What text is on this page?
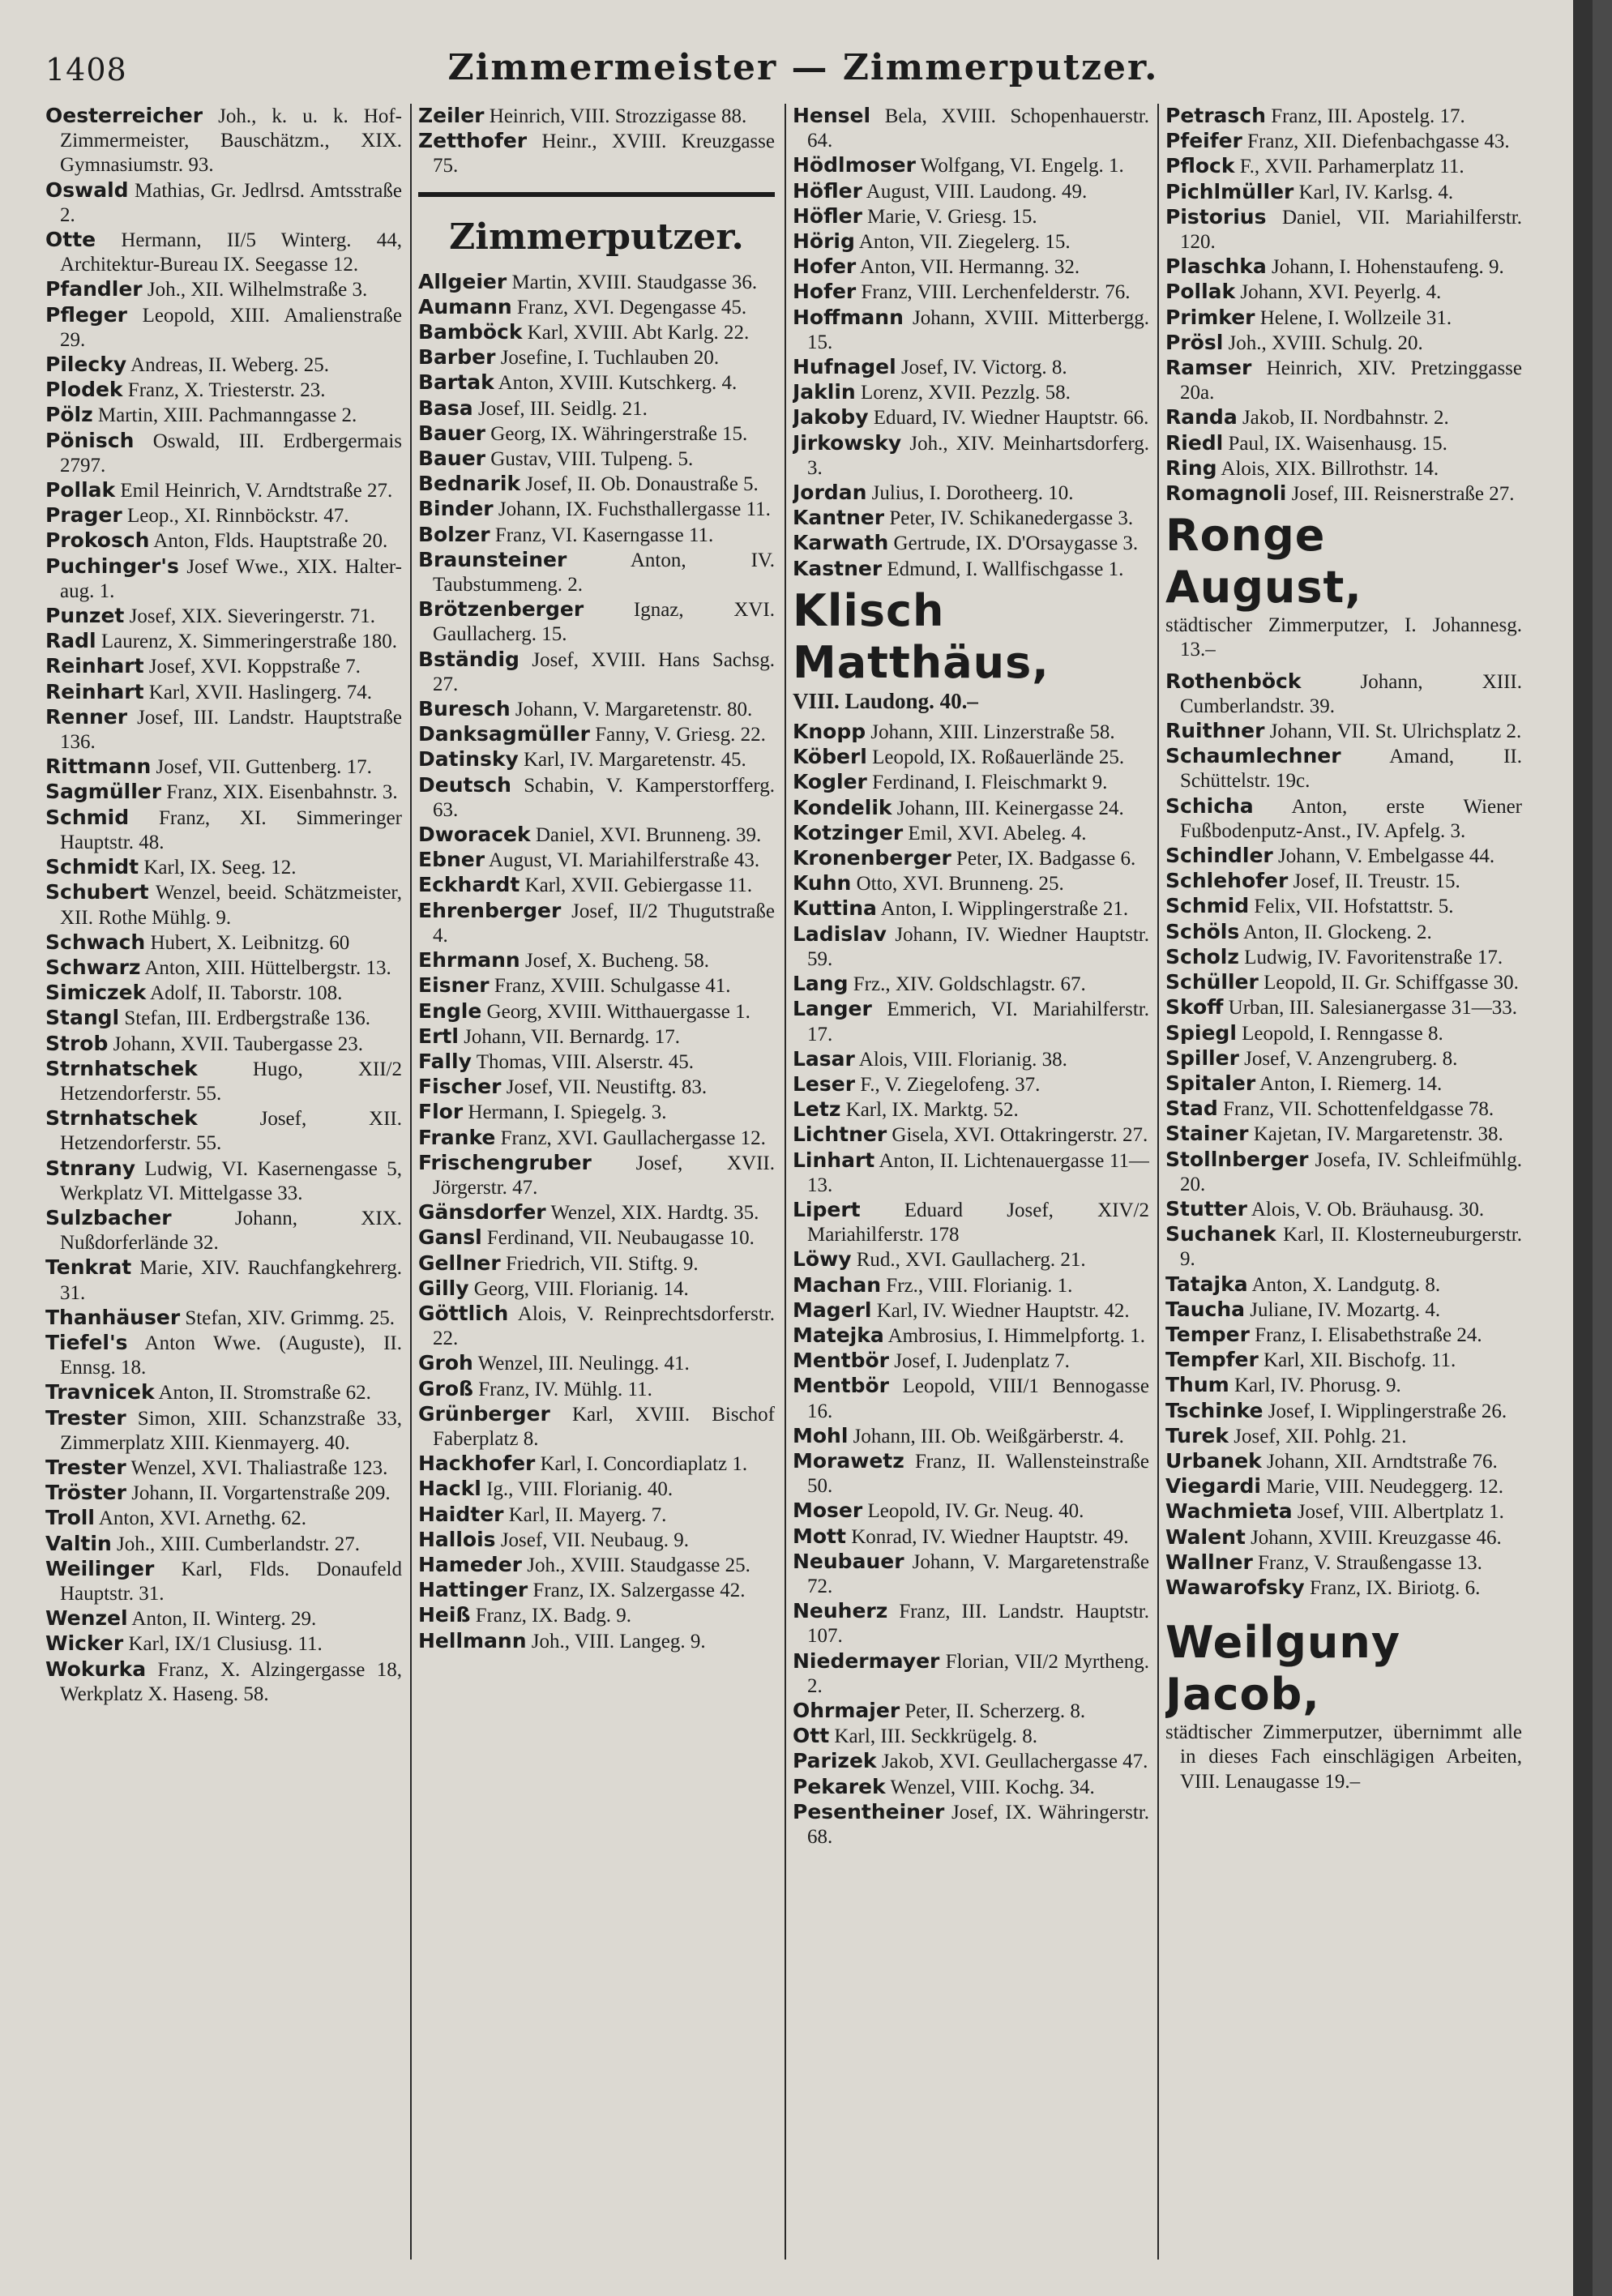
1408	Zimmermeister — Zimmerputzer.

Oesterreicher Joh., k. u. k. Hof-Zimmermeister, Bauschätzm., XIX. Gymnasiumstr. 93.

Oswald Mathias, Gr. Jedlrsd. Amtsstraße 2.

Otte Hermann, II/5 Winterg. 44, Architektur-Bureau IX. Seegasse 12.

Pfandler Joh., XII. Wilhelmstraße 3.

Pfleger Leopold, XIII. Amalienstraße 29.

Pilecky Andreas, II. Weberg. 25.

Plodek Franz, X. Triesterstr. 23.

Pölz Martin, XIII. Pachmanngasse 2.

Pönisch Oswald, III. Erdbergermais 2797.

Pollak Emil Heinrich, V. Arndtstraße 27.

Prager Leop., XI. Rinnböckstr. 47.

Prokosch Anton, Flds. Hauptstraße 20.

Puchinger's Josef Wwe., XIX. Halter-aug. 1.

Punzet Josef, XIX. Sieveringerstr. 71.

Radl Laurenz, X. Simmeringerstraße 180.

Reinhart Josef, XVI. Koppstraße 7.

Reinhart Karl, XVII. Haslingerg. 74.

Renner Josef, III. Landstr. Hauptstraße 136.

Rittmann Josef, VII. Guttenberg. 17.

Sagmüller Franz, XIX. Eisenbahnstr. 3.

Schmid Franz, XI. Simmeringer Hauptstr. 48.

Schmidt Karl, IX. Seeg. 12.

Schubert Wenzel, beeid. Schätzmeister, XII. Rothe Mühlg. 9.

Schwach Hubert, X. Leibnitzg. 60

Schwarz Anton, XIII. Hüttelbergstr. 13.

Simiczek Adolf, II. Taborstr. 108.

Stangl Stefan, III. Erdbergstraße 136.

Strob Johann, XVII. Taubergasse 23.

Strnhatschek Hugo, XII/2 Hetzendorferstr. 55.

Strnhatschek Josef, XII. Hetzendorferstr. 55.

Stnrany Ludwig, VI. Kasernengasse 5, Werkplatz VI. Mittelgasse 33.

Sulzbacher Johann, XIX. Nußdorferlände 32.

Tenkrat Marie, XIV. Rauchfangkehrerg. 31.

Thanhäuser Stefan, XIV. Grimmg. 25.

Tiefel's Anton Wwe. (Auguste), II. Ennsg. 18.

Travnicek Anton, II. Stromstraße 62.

Trester Simon, XIII. Schanzstraße 33, Zimmerplatz XIII. Kienmayerg. 40.

Trester Wenzel, XVI. Thaliastraße 123.

Tröster Johann, II. Vorgartenstraße 209.

Troll Anton, XVI. Arnethg. 62.

Valtin Joh., XIII. Cumberlandstr. 27.

Weilinger Karl, Flds. Donaufeld Hauptstr. 31.

Wenzel Anton, II. Winterg. 29.

Wicker Karl, IX/1 Clusiusg. 11.

Wokurka Franz, X. Alzingergasse 18, Werkplatz X. Haseng. 58.

Zeiler Heinrich, VIII. Strozzigasse 88.

Zetthofer Heinr., XVIII. Kreuzgasse 75.

Zimmerputzer.

Allgeier Martin, XVIII. Staudgasse 36.

Aumann Franz, XVI. Degengasse 45.

Bamböck Karl, XVIII. Abt Karlg. 22.

Barber Josefine, I. Tuchlauben 20.

Bartak Anton, XVIII. Kutschkerg. 4.

Basa Josef, III. Seidlg. 21.

Bauer Georg, IX. Währingerstraße 15.

Bauer Gustav, VIII. Tulpeng. 5.

Bednarik Josef, II. Ob. Donaustraße 5.

Binder Johann, IX. Fuchsthallergasse 11.

Bolzer Franz, VI. Kaserngasse 11.

Braunsteiner Anton, IV. Taubstummeng. 2.

Brötzenberger Ignaz, XVI. Gaullacherg. 15.

Bständig Josef, XVIII. Hans Sachsg. 27.

Buresch Johann, V. Margaretenstr. 80.

Danksagmüller Fanny, V. Griesg. 22.

Datinsky Karl, IV. Margaretenstr. 45.

Deutsch Schabin, V. Kamperstorfferg. 63.

Dworacek Daniel, XVI. Brunneng. 39.

Ebner August, VI. Mariahilferstraße 43.

Eckhardt Karl, XVII. Gebiergasse 11.

Ehrenberger Josef, II/2 Thugutstraße 4.

Ehrmann Josef, X. Bucheng. 58.

Eisner Franz, XVIII. Schulgasse 41.

Engle Georg, XVIII. Witthauergasse 1.

Ertl Johann, VII. Bernardg. 17.

Fally Thomas, VIII. Alserstr. 45.

Fischer Josef, VII. Neustiftg. 83.

Flor Hermann, I. Spiegelg. 3.

Franke Franz, XVI. Gaullachergasse 12.

Frischengruber Josef, XVII. Jörgerstr. 47.

Gänsdorfer Wenzel, XIX. Hardtg. 35.

Gansl Ferdinand, VII. Neubaugasse 10.

Gellner Friedrich, VII. Stiftg. 9.

Gilly Georg, VIII. Florianig. 14.

Göttlich Alois, V. Reinprechtsdorferstr. 22.

Groh Wenzel, III. Neulingg. 41.

Groß Franz, IV. Mühlg. 11.

Grünberger Karl, XVIII. Bischof Faberplatz 8.

Hackhofer Karl, I. Concordiaplatz 1.

Hackl Ig., VIII. Florianig. 40.

Haidter Karl, II. Mayerg. 7.

Hallois Josef, VII. Neubaug. 9.

Hameder Joh., XVIII. Staudgasse 25.

Hattinger Franz, IX. Salzergasse 42.

Heiß Franz, IX. Badg. 9.

Hellmann Joh., VIII. Langeg. 9.

Hensel Bela, XVIII. Schopenhauerstr. 64.

Hödlmoser Wolfgang, VI. Engelg. 1.

Höfler August, VIII. Laudong. 49.

Höfler Marie, V. Griesg. 15.

Hörig Anton, VII. Ziegelerg. 15.

Hofer Anton, VII. Hermanng. 32.

Hofer Franz, VIII. Lerchenfelderstr. 76.

Hoffmann Johann, XVIII. Mitterbergg. 15.

Hufnagel Josef, IV. Victorg. 8.

Jaklin Lorenz, XVII. Pezzlg. 58.

Jakoby Eduard, IV. Wiedner Hauptstr. 66.

Jirkowsky Joh., XIV. Meinhartsdorferg. 3.

Jordan Julius, I. Dorotheerg. 10.

Kantner Peter, IV. Schikanedergasse 3.

Karwath Gertrude, IX. D'Orsaygasse 3.

Kastner Edmund, I. Wallfischgasse 1.

Klisch Matthäus,
VIII. Laudong. 40.–

Knopp Johann, XIII. Linzerstraße 58.

Köberl Leopold, IX. Roßauerlände 25.

Kogler Ferdinand, I. Fleischmarkt 9.

Kondelik Johann, III. Keinergasse 24.

Kotzinger Emil, XVI. Abeleg. 4.

Kronenberger Peter, IX. Badgasse 6.

Kuhn Otto, XVI. Brunneng. 25.

Kuttina Anton, I. Wipplingerstraße 21.

Ladislav Johann, IV. Wiedner Hauptstr. 59.

Lang Frz., XIV. Goldschlagstr. 67.

Langer Emmerich, VI. Mariahilferstr. 17.

Lasar Alois, VIII. Florianig. 38.

Leser F., V. Ziegelofeng. 37.

Letz Karl, IX. Marktg. 52.

Lichtner Gisela, XVI. Ottakringerstr. 27.

Linhart Anton, II. Lichtenauergasse 11—13.

Lipert Eduard Josef, XIV/2 Mariahilferstr. 178

Löwy Rud., XVI. Gaullacherg. 21.

Machan Frz., VIII. Florianig. 1.

Magerl Karl, IV. Wiedner Hauptstr. 42.

Matejka Ambrosius, I. Himmelpfortg. 1.

Mentbör Josef, I. Judenplatz 7.

Mentbör Leopold, VIII/1 Bennogasse 16.

Mohl Johann, III. Ob. Weißgärberstr. 4.

Morawetz Franz, II. Wallensteinstraße 50.

Moser Leopold, IV. Gr. Neug. 40.

Mott Konrad, IV. Wiedner Hauptstr. 49.

Neubauer Johann, V. Margaretenstraße 72.

Neuherz Franz, III. Landstr. Hauptstr. 107.

Niedermayer Florian, VII/2 Myrtheng. 2.

Ohrmajer Peter, II. Scherzerg. 8.

Ott Karl, III. Seckkrügelg. 8.

Parizek Jakob, XVI. Geullachergasse 47.

Pekarek Wenzel, VIII. Kochg. 34.

Pesentheiner Josef, IX. Währingerstr. 68.

Petrasch Franz, III. Apostelg. 17.

Pfeifer Franz, XII. Diefenbachgasse 43.

Pflock F., XVII. Parhamerplatz 11.

Pichlmüller Karl, IV. Karlsg. 4.

Pistorius Daniel, VII. Mariahilferstr. 120.

Plaschka Johann, I. Hohenstaufeng. 9.

Pollak Johann, XVI. Peyerlg. 4.

Primker Helene, I. Wollzeile 31.

Prösl Joh., XVIII. Schulg. 20.

Ramser Heinrich, XIV. Pretzinggasse 20a.

Randa Jakob, II. Nordbahnstr. 2.

Riedl Paul, IX. Waisenhausg. 15.

Ring Alois, XIX. Billrothstr. 14.

Romagnoli Josef, III. Reisnerstraße 27.

Ronge August,
städtischer Zimmerputzer, I. Johannesg. 13.–

Rothenböck Johann, XIII. Cumberlandstr. 39.

Ruithner Johann, VII. St. Ulrichsplatz 2.

Schaumlechner Amand, II. Schüttelstr. 19c.

Schicha Anton, erste Wiener Fußbodenputz-Anst., IV. Apfelg. 3.

Schindler Johann, V. Embelgasse 44.

Schlehofer Josef, II. Treustr. 15.

Schmid Felix, VII. Hofstattstr. 5.

Schöls Anton, II. Glockeng. 2.

Scholz Ludwig, IV. Favoritenstraße 17.

Schüller Leopold, II. Gr. Schiffgasse 30.

Skoff Urban, III. Salesianergasse 31—33.

Spiegl Leopold, I. Renngasse 8.

Spiller Josef, V. Anzengruberg. 8.

Spitaler Anton, I. Riemerg. 14.

Stad Franz, VII. Schottenfeldgasse 78.

Stainer Kajetan, IV. Margaretenstr. 38.

Stollnberger Josefa, IV. Schleifmühlg. 20.

Stutter Alois, V. Ob. Bräuhausg. 30.

Suchanek Karl, II. Klosterneuburgerstr. 9.

Tatajka Anton, X. Landgutg. 8.

Taucha Juliane, IV. Mozartg. 4.

Temper Franz, I. Elisabethstraße 24.

Tempfer Karl, XII. Bischofg. 11.

Thum Karl, IV. Phorusg. 9.

Tschinke Josef, I. Wipplingerstraße 26.

Turek Josef, XII. Pohlg. 21.

Urbanek Johann, XII. Arndtstraße 76.

Viegardi Marie, VIII. Neudeggerg. 12.

Wachmieta Josef, VIII. Albertplatz 1.

Walent Johann, XVIII. Kreuzgasse 46.

Wallner Franz, V. Straußengasse 13.

Wawarofsky Franz, IX. Biriotg. 6.

Weilguny Jacob,
städtischer Zimmerputzer, übernimmt alle in dieses Fach einschlägigen Arbeiten, VIII. Lenaugasse 19.–
